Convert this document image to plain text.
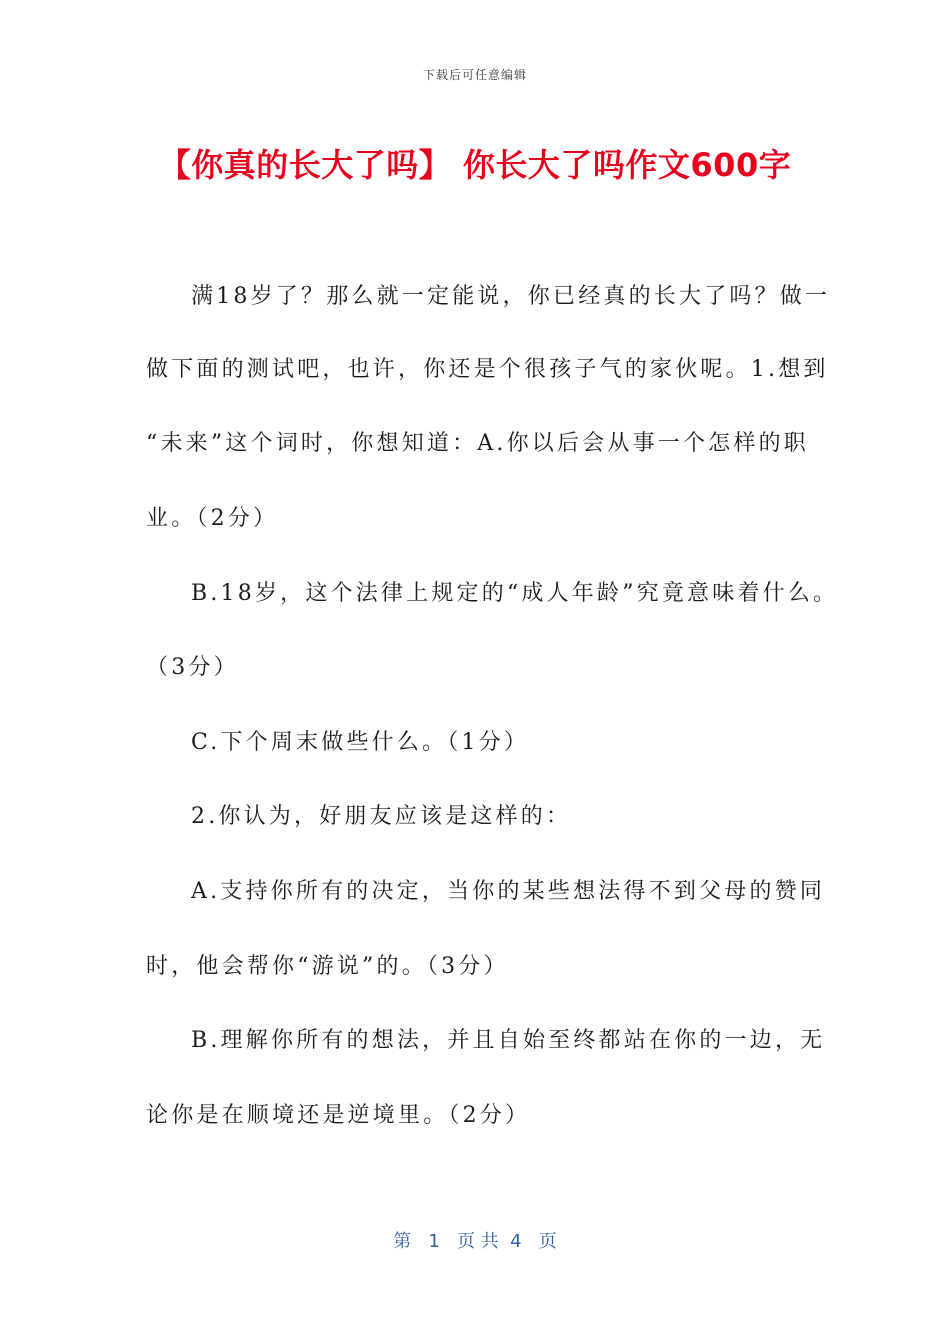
下载后可任意编辑
【你真的长大了吗】 你长大了吗作文600字
满18岁了？那么就一定能说，你已经真的长大了吗？做一
做下面的测试吧，也许，你还是个很孩子气的家伙呢。1.想到
“未来”这个词时，你想知道：A.你以后会从事一个怎样的职
业。（2分）
B.18岁，这个法律上规定的“成人年龄”究竟意味着什么。
（3分）
C.下个周末做些什么。（1分）
2.你认为，好朋友应该是这样的：
A.支持你所有的决定，当你的某些想法得不到父母的赞同
时，他会帮你“游说”的。（3分）
B.理解你所有的想法，并且自始至终都站在你的一边，无
论你是在顺境还是逆境里。（2分）
第 1 页 共 4 页
